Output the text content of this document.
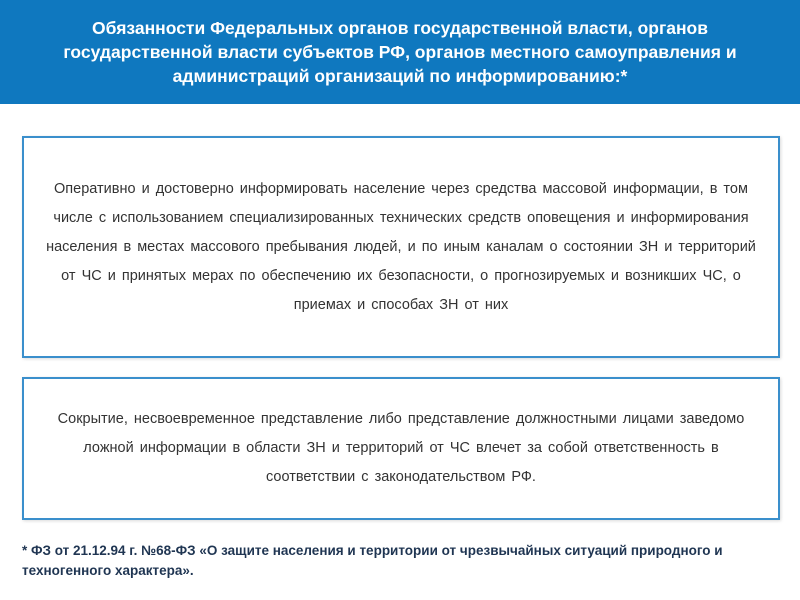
Обязанности Федеральных органов государственной власти, органов государственной власти субъектов РФ, органов местного самоуправления и администраций организаций по информированию:*

Оперативно и достоверно информировать население через средства массовой информации, в том числе с использованием специализированных технических средств оповещения и информирования населения в местах массового пребывания людей, и по иным каналам о состоянии ЗН и территорий от ЧС и принятых мерах по обеспечению их безопасности, о прогнозируемых и возникших ЧС, о приемах и способах ЗН от них

Сокрытие, несвоевременное представление либо представление должностными лицами заведомо ложной информации в области ЗН и территорий от ЧС влечет за собой ответственность в соответствии с законодательством РФ.

* ФЗ от 21.12.94 г. №68-ФЗ «О защите населения и территории от чрезвычайных ситуаций природного и техногенного характера».
